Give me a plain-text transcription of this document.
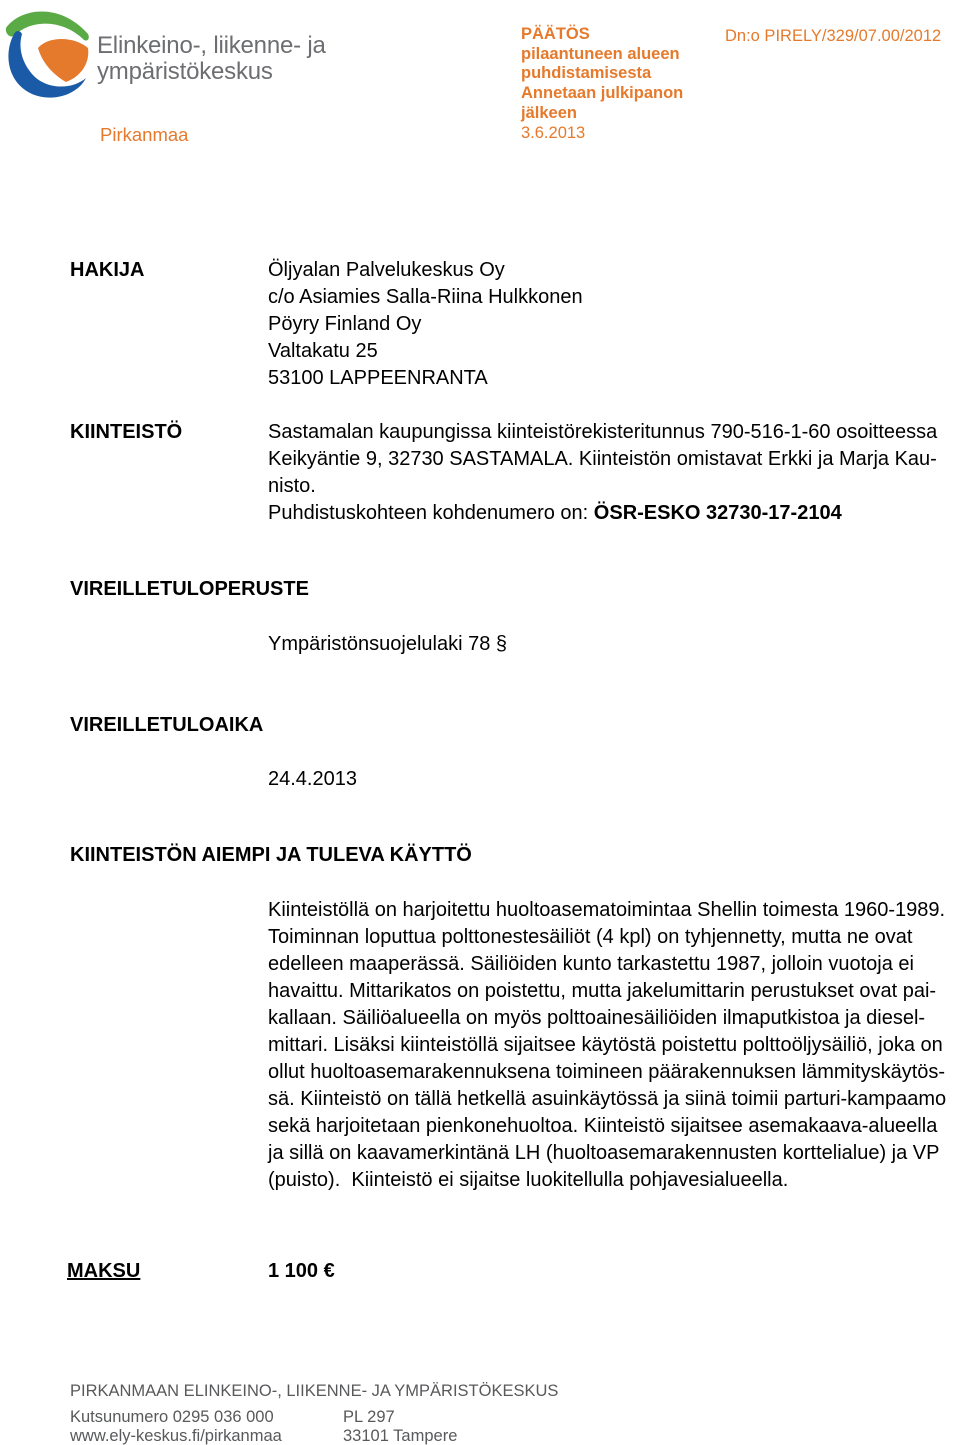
Elinkeino-, liikenne- ja
ympäristökeskus
Pirkanmaa
PÄÄTÖS
pilaantuneen alueen
puhdistamisesta
Annetaan julkipanon
jälkeen
3.6.2013
Dn:o PIRELY/329/07.00/2012
HAKIJA	Öljyalan Palvelukeskus Oy
c/o Asiamies Salla-Riina Hulkkonen
Pöyry Finland Oy
Valtakatu 25
53100 LAPPEENRANTA
KIINTEISTÖ	Sastamalan kaupungissa kiinteistörekisteritunnus 790-516-1-60 osoitteessa
Keikyäntie 9, 32730 SASTAMALA. Kiinteistön omistavat Erkki ja Marja Kau-
nisto.
Puhdistuskohteen kohdenumero on: ÖSR-ESKO 32730-17-2104
VIREILLETULOPERUSTE
Ympäristönsuojelulaki 78 §
VIREILLETULOAIKA
24.4.2013
KIINTEISTÖN AIEMPI JA TULEVA KÄYTTÖ
Kiinteistöllä on harjoitettu huoltoasematoimintaa Shellin toimesta 1960-1989.
Toiminnan loputtua polttonestesäiliöt (4 kpl) on tyhjennetty, mutta ne ovat
edelleen maaperässä. Säiliöiden kunto tarkastettu 1987, jolloin vuotoja ei
havaittu. Mittarikatos on poistettu, mutta jakelumittarin perustukset ovat pai-
kallaan. Säiliöalueella on myös polttoainesäiliöiden ilmaputkistoa ja diesel-
mittari. Lisäksi kiinteistöllä sijaitsee käytöstä poistettu polttoöljysäiliö, joka on
ollut huoltoasemarakennuksena toimineen päärakennuksen lämmityskäytös-
sä. Kiinteistö on tällä hetkellä asuinkäytössä ja siinä toimii parturi-kampaamo
sekä harjoitetaan pienkonehuoltoa. Kiinteistö sijaitsee asemakaava-alueella
ja sillä on kaavamerkintänä LH (huoltoasemarakennusten korttelialue) ja VP
(puisto).  Kiinteistö ei sijaitse luokitellulla pohjavesialueella.
MAKSU	1 100 €
PIRKANMAAN ELINKEINO-, LIIKENNE- JA YMPÄRISTÖKESKUS
Kutsunumero 0295 036 000
www.ely-keskus.fi/pirkanmaa
PL 297
33101 Tampere
